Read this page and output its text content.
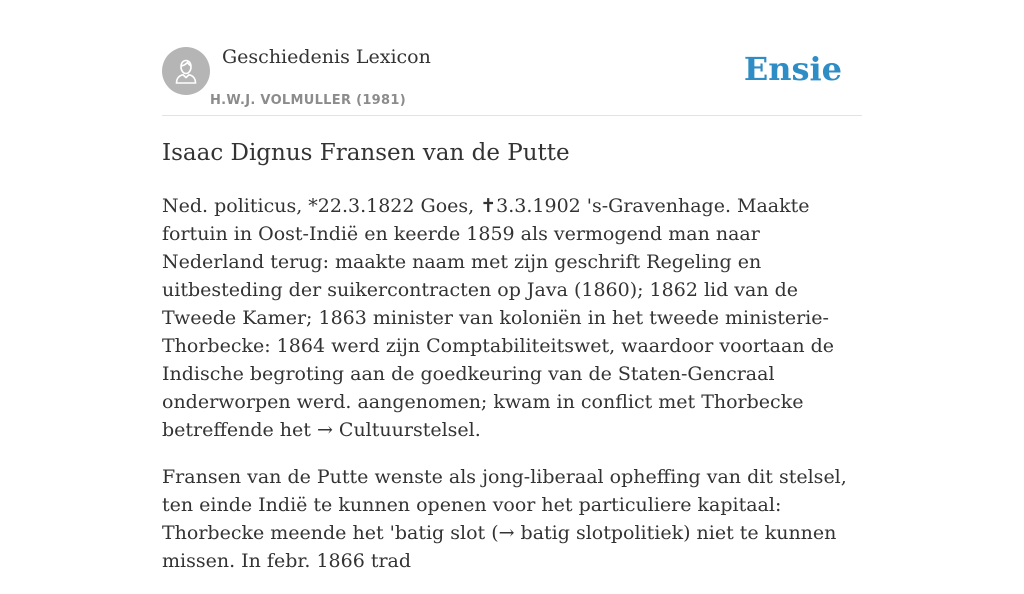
Geschiedenis Lexicon
H.W.J. VOLMULLER (1981)
Ensie
Isaac Dignus Fransen van de Putte

Ned. politicus, *22.3.1822 Goes, ✝3.3.1902 's-Gravenhage. Maakte fortuin in Oost-Indië en keerde 1859 als vermogend man naar Nederland terug: maakte naam met zijn geschrift Regeling en uitbesteding der suikercontracten op Java (1860); 1862 lid van de Tweede Kamer; 1863 minister van koloniën in het tweede ministerie-Thorbecke: 1864 werd zijn Comptabiliteitswet, waardoor voortaan de Indische begroting aan de goedkeuring van de Staten-Gencraal onderworpen werd. aangenomen; kwam in conflict met Thorbecke betreffende het → Cultuurstelsel.

Fransen van de Putte wenste als jong-liberaal opheffing van dit stelsel, ten einde Indië te kunnen openen voor het particuliere kapitaal: Thorbecke meende het 'batig slot (→ batig slotpolitiek) niet te kunnen missen. In febr. 1866 trad
